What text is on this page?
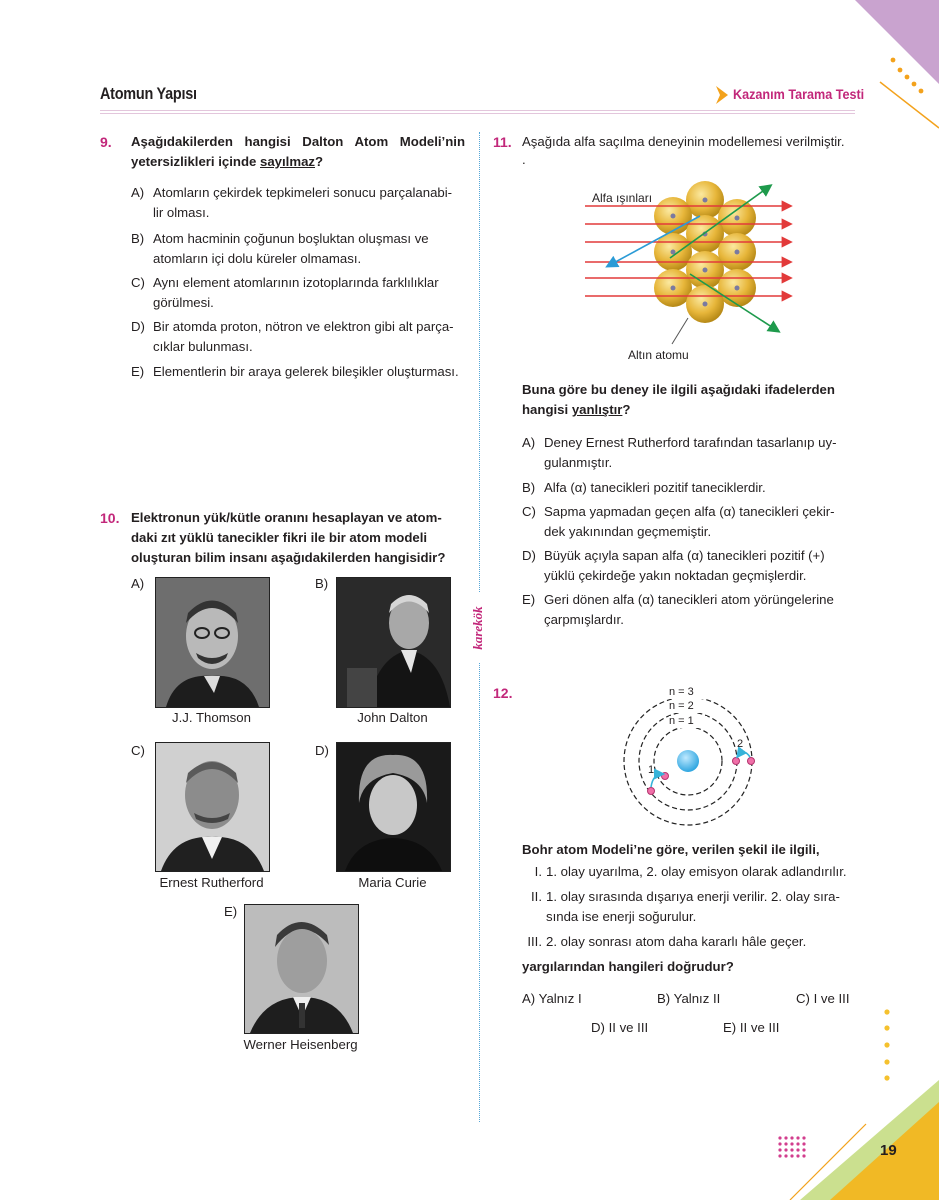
Atomun Yapısı	Kazanım Tarama Testi
karekök
9. Aşağıdakilerden hangisi Dalton Atom Modeli’nin yetersizlikleri içinde sayılmaz?
A) Atomların çekirdek tepkimeleri sonucu parçalanabi-
lir olması.
B) Atom hacminin çoğunun boşluktan oluşması ve
atomların içi dolu küreler olmaması.
C) Aynı element atomlarının izotoplarında farklılıklar
görülmesi.
D) Bir atomda proton, nötron ve elektron gibi alt parça-
cıklar bulunması.
E) Elementlerin bir araya gelerek bileşikler oluşturması.
10. Elektronun yük/kütle oranını hesaplayan ve atom-
daki zıt yüklü tanecikler fikri ile bir atom modeli
oluşturan bilim insanı aşağıdakilerden hangisidir?
A)
J.J. Thomson
B)
John Dalton
C)
Ernest Rutherford
D)
Maria Curie
E)
Werner Heisenberg
11. Aşağıda alfa saçılma deneyinin modellemesi verilmiştir.
.
Alfa ışınları
Altın atomu
Buna göre bu deney ile ilgili aşağıdaki ifadelerden
hangisi yanlıştır?
A) Deney Ernest Rutherford tarafından tasarlanıp uy-
gulanmıştır.
B) Alfa (α) tanecikleri pozitif taneciklerdir.
C) Sapma yapmadan geçen alfa (α) tanecikleri çekir-
dek yakınından geçmemiştir.
D) Büyük açıyla sapan alfa (α) tanecikleri pozitif (+)
yüklü çekirdeğe yakın noktadan geçmişlerdir.
E) Geri dönen alfa (α) tanecikleri atom yörüngelerine
çarpmışlardır.
12.	n = 3
n = 2
n = 1
1
2
Bohr atom Modeli’ne göre, verilen şekil ile ilgili,
I. 1. olay uyarılma, 2. olay emisyon olarak adlandırılır.
II. 1. olay sırasında dışarıya enerji verilir. 2. olay sıra-
sında ise enerji soğurulur.
III. 2. olay sonrası atom daha kararlı hâle geçer.
yargılarından hangileri doğrudur?
A) Yalnız I	B) Yalnız II	C) I ve III
D) II ve III	E) II ve III
19
